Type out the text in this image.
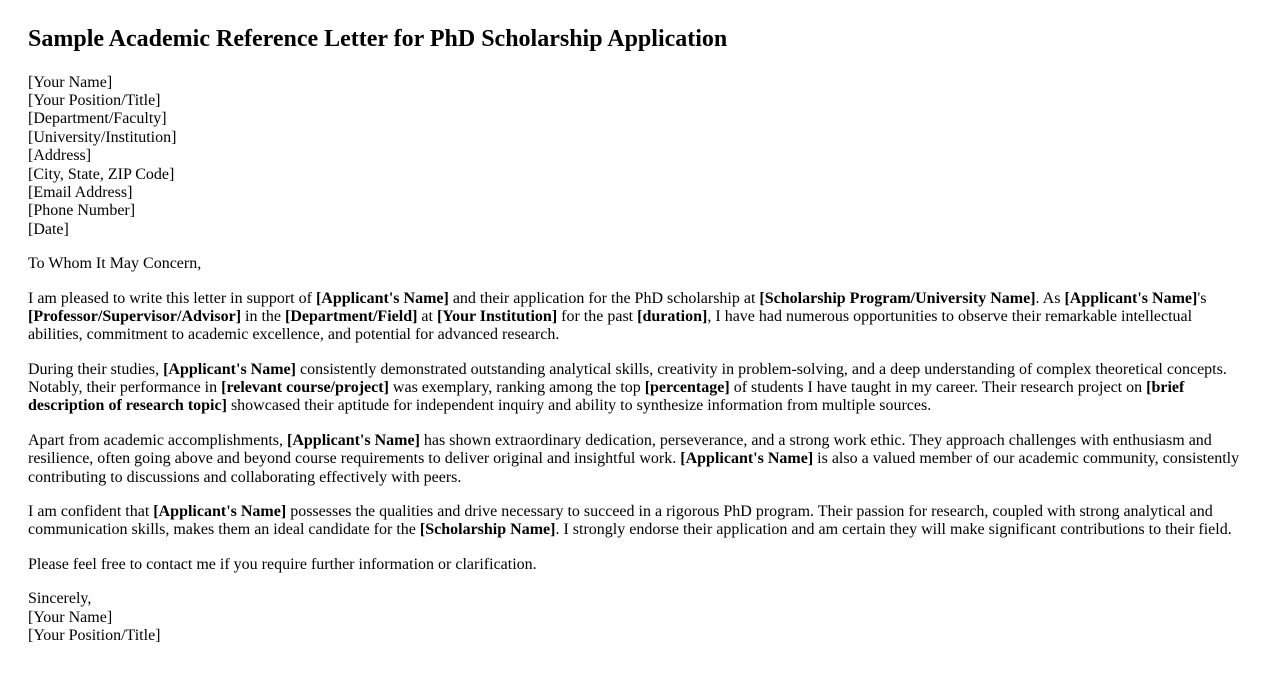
Sample Academic Reference Letter for PhD Scholarship Application

[Your Name]
[Your Position/Title]
[Department/Faculty]
[University/Institution]
[Address]
[City, State, ZIP Code]
[Email Address]
[Phone Number]
[Date]

To Whom It May Concern,

I am pleased to write this letter in support of [Applicant's Name] and their application for the PhD scholarship at [Scholarship Program/University Name]. As [Applicant's Name]'s [Professor/Supervisor/Advisor] in the [Department/Field] at [Your Institution] for the past [duration], I have had numerous opportunities to observe their remarkable intellectual abilities, commitment to academic excellence, and potential for advanced research.

During their studies, [Applicant's Name] consistently demonstrated outstanding analytical skills, creativity in problem-solving, and a deep understanding of complex theoretical concepts. Notably, their performance in [relevant course/project] was exemplary, ranking among the top [percentage] of students I have taught in my career. Their research project on [brief description of research topic] showcased their aptitude for independent inquiry and ability to synthesize information from multiple sources.

Apart from academic accomplishments, [Applicant's Name] has shown extraordinary dedication, perseverance, and a strong work ethic. They approach challenges with enthusiasm and resilience, often going above and beyond course requirements to deliver original and insightful work. [Applicant's Name] is also a valued member of our academic community, consistently contributing to discussions and collaborating effectively with peers.

I am confident that [Applicant's Name] possesses the qualities and drive necessary to succeed in a rigorous PhD program. Their passion for research, coupled with strong analytical and communication skills, makes them an ideal candidate for the [Scholarship Name]. I strongly endorse their application and am certain they will make significant contributions to their field.

Please feel free to contact me if you require further information or clarification.

Sincerely,
[Your Name]
[Your Position/Title]
